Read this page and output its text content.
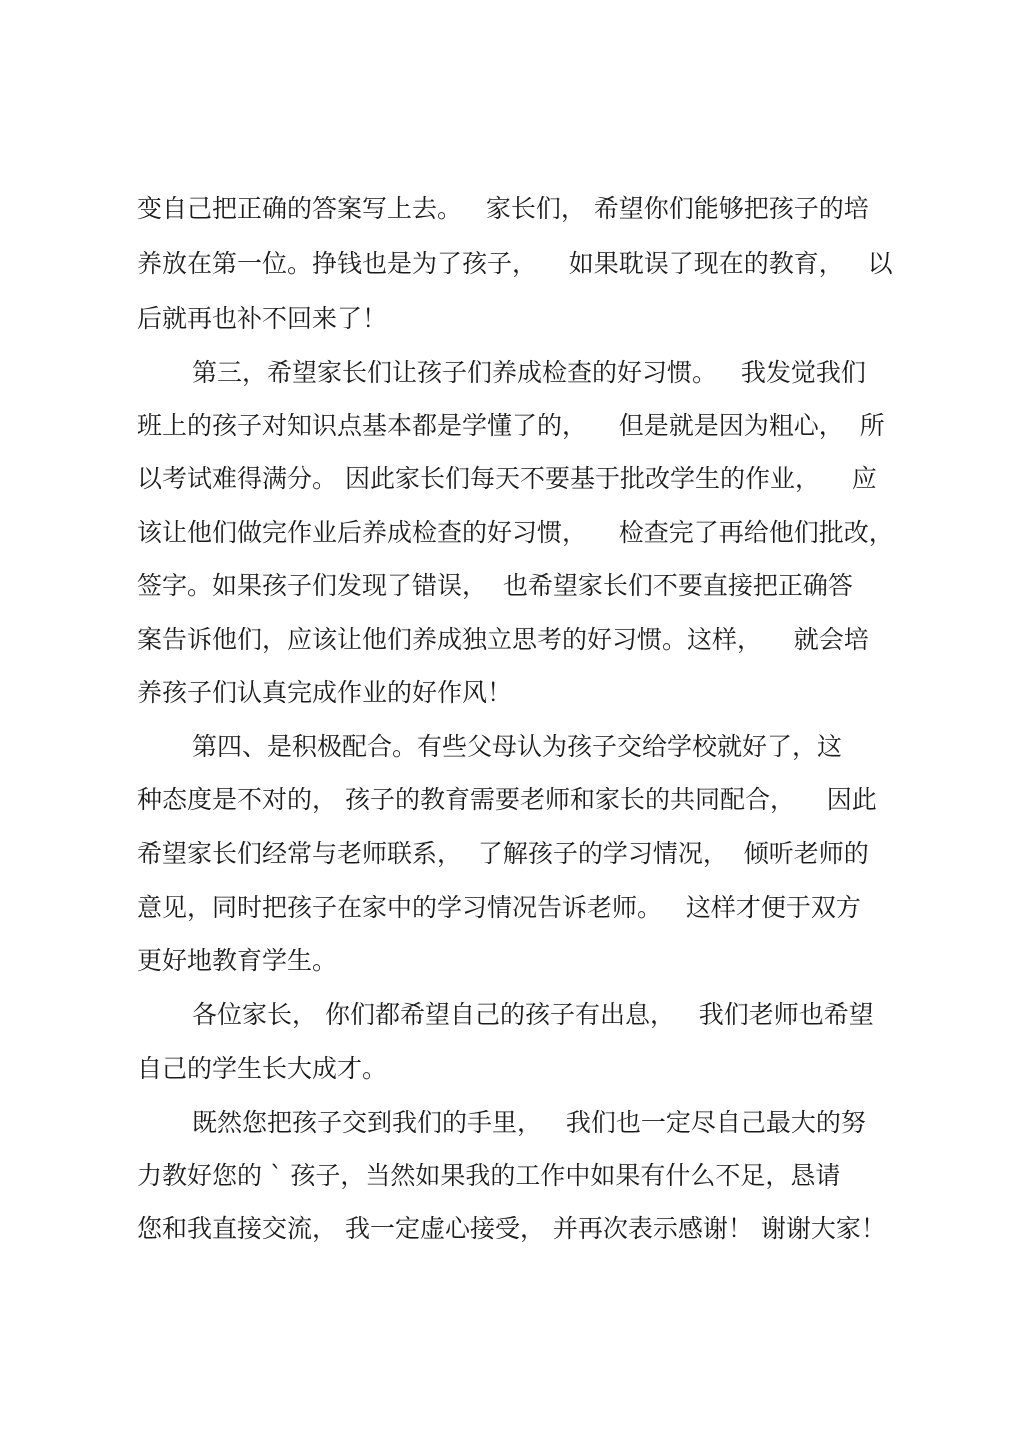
变自己把正确的答案写上去。   家长们， 希望你们能够把孩子的培
养放在第一位。挣钱也是为了孩子，    如果耽误了现在的教育，   以
后就再也补不回来了！
第三，希望家长们让孩子们养成检查的好习惯。   我发觉我们
班上的孩子对知识点基本都是学懂了的，    但是就是因为粗心，  所
以考试难得满分。 因此家长们每天不要基于批改学生的作业，    应
该让他们做完作业后养成检查的好习惯，    检查完了再给他们批改，
签字。如果孩子们发现了错误，  也希望家长们不要直接把正确答
案告诉他们，应该让他们养成独立思考的好习惯。这样，    就会培
养孩子们认真完成作业的好作风！
第四、是积极配合。有些父母认为孩子交给学校就好了，这
种态度是不对的， 孩子的教育需要老师和家长的共同配合，    因此
希望家长们经常与老师联系，  了解孩子的学习情况，  倾听老师的
意见，同时把孩子在家中的学习情况告诉老师。   这样才便于双方
更好地教育学生。
各位家长， 你们都希望自己的孩子有出息，   我们老师也希望
自己的学生长大成才。
既然您把孩子交到我们的手里，   我们也一定尽自己最大的努
力教好您的 ` 孩子，当然如果我的工作中如果有什么不足，恳请
您和我直接交流， 我一定虚心接受， 并再次表示感谢！ 谢谢大家！
